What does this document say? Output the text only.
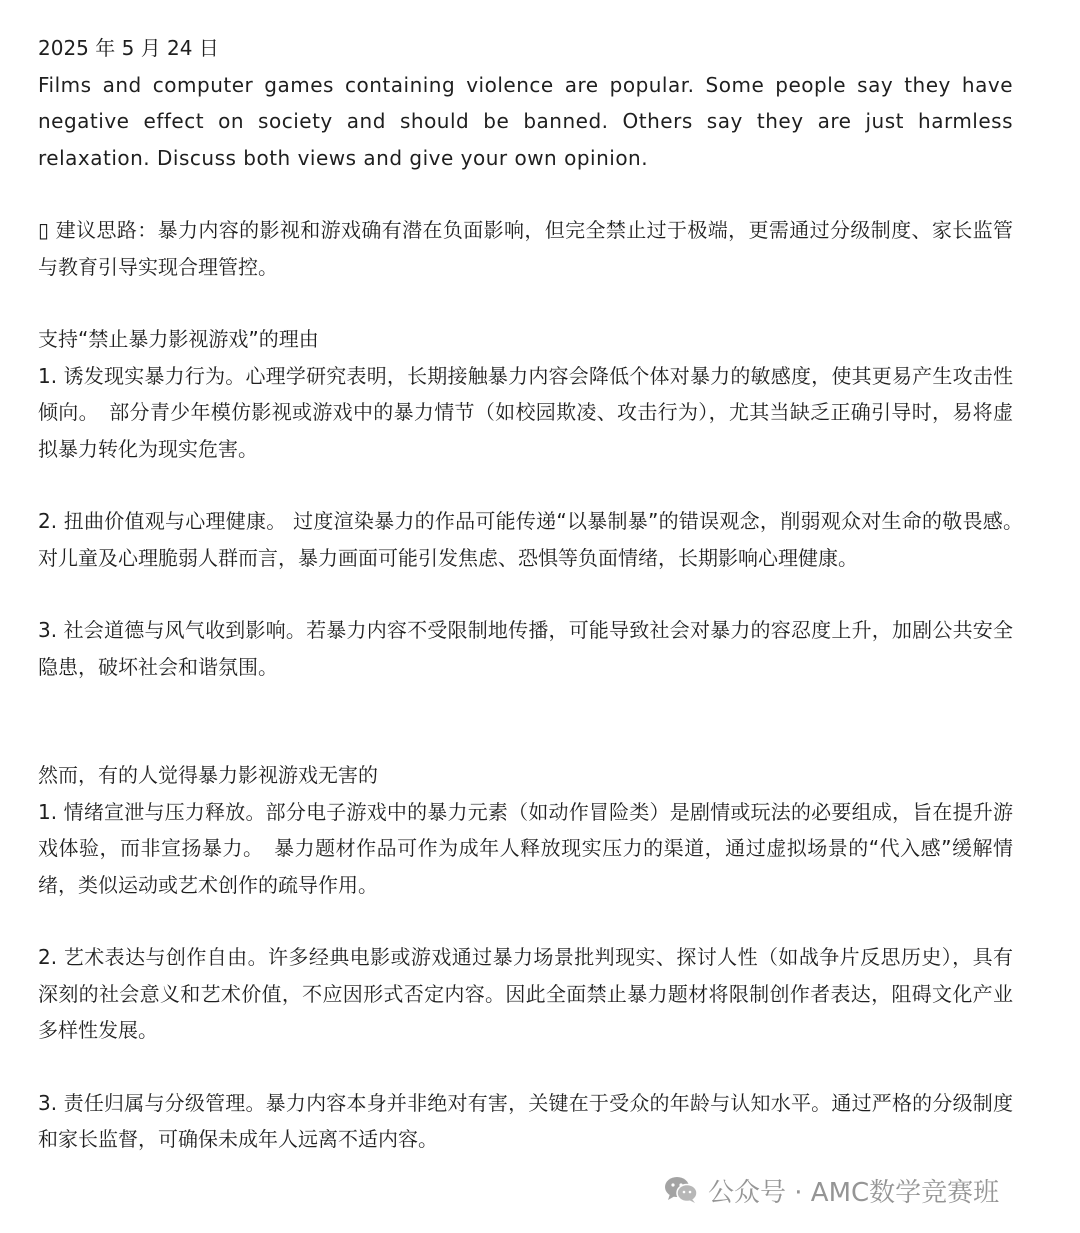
2025 年 5 月 24 日

Films and computer games containing violence are popular. Some people say they have negative effect on society and should be banned. Others say they are just harmless relaxation. Discuss both views and give your own opinion.

▯ 建议思路：暴力内容的影视和游戏确有潜在负面影响，但完全禁止过于极端，更需通过分级制度、家长监管与教育引导实现合理管控。

支持“禁止暴力影视游戏”的理由

1. 诱发现实暴力行为。心理学研究表明，长期接触暴力内容会降低个体对暴力的敏感度，使其更易产生攻击性倾向。　部分青少年模仿影视或游戏中的暴力情节（如校园欺凌、攻击行为），尤其当缺乏正确引导时，易将虚拟暴力转化为现实危害。

2. 扭曲价值观与心理健康。 过度渲染暴力的作品可能传递“以暴制暴”的错误观念，削弱观众对生命的敬畏感。　对儿童及心理脆弱人群而言，暴力画面可能引发焦虑、恐惧等负面情绪，长期影响心理健康。

3. 社会道德与风气收到影响。若暴力内容不受限制地传播，可能导致社会对暴力的容忍度上升，加剧公共安全隐患，破坏社会和谐氛围。

然而，有的人觉得暴力影视游戏无害的

1. 情绪宣泄与压力释放。部分电子游戏中的暴力元素（如动作冒险类）是剧情或玩法的必要组成，旨在提升游戏体验，而非宣扬暴力。　暴力题材作品可作为成年人释放现实压力的渠道，通过虚拟场景的“代入感”缓解情绪，类似运动或艺术创作的疏导作用。

2. 艺术表达与创作自由。许多经典电影或游戏通过暴力场景批判现实、探讨人性（如战争片反思历史），具有深刻的社会意义和艺术价值，不应因形式否定内容。因此全面禁止暴力题材将限制创作者表达，阻碍文化产业多样性发展。

3. 责任归属与分级管理。暴力内容本身并非绝对有害，关键在于受众的年龄与认知水平。通过严格的分级制度和家长监督，可确保未成年人远离不适内容。

公众号 · AMC数学竞赛班
